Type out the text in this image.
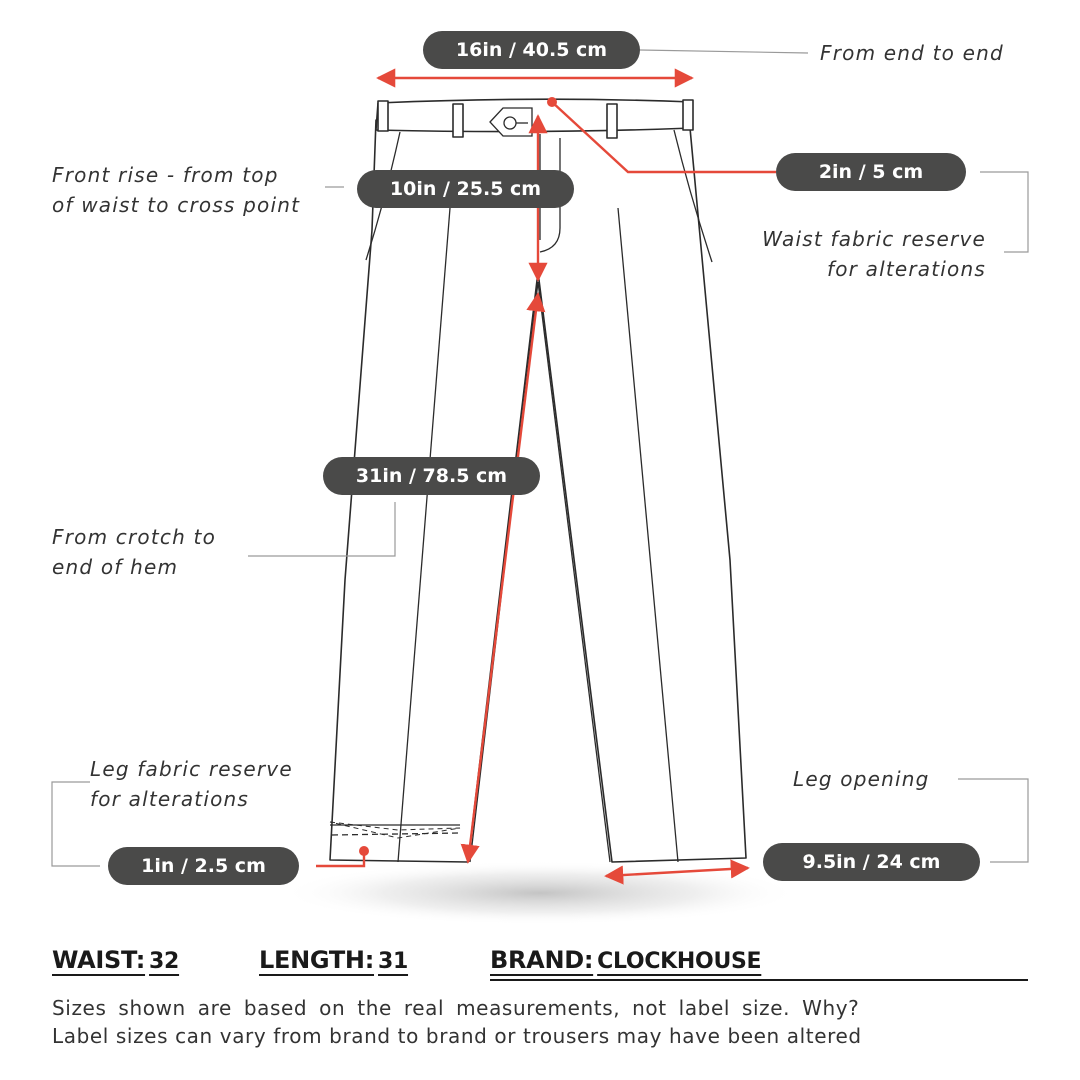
16in / 40.5 cm
10in / 25.5 cm
2in / 5 cm
31in / 78.5 cm
1in / 2.5 cm	9.5in / 24 cm
From end to end
Front rise - from top
of waist to cross point
Waist fabric reserve
for alterations
From crotch to
end of hem
Leg fabric reserve
for alterations
Leg opening
WAIST: 32	LENGTH: 31	BRAND: CLOCKHOUSE
Sizes shown are based on the real measurements, not label size. Why?
Label sizes can vary from brand to brand or trousers may have been altered
